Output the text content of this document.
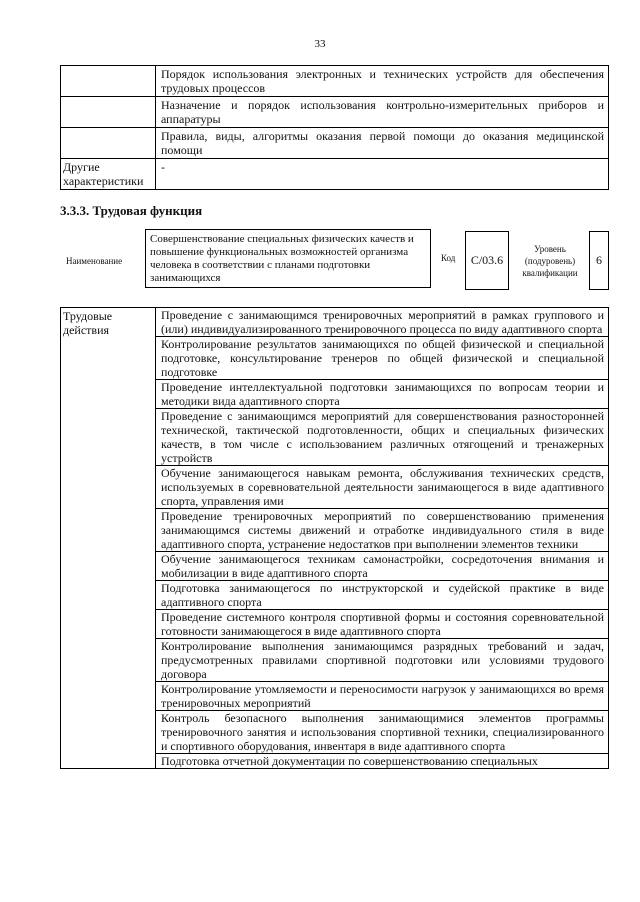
33
	Порядок использования электронных и технических устройств для обеспечения трудовых процессов
	Назначение и порядок использования контрольно-измерительных приборов и аппаратуры
	Правила, виды, алгоритмы оказания первой помощи до оказания медицинской помощи
Другие характеристики	-
3.3.3. Трудовая функция
Наименование
Совершенствование специальных физических качеств и повышение функциональных возможностей организма человека в соответствии с планами подготовки занимающихся
Код	С/03.6
Уровень (подуровень) квалификации
6
Трудовые действия	Проведение с занимающимся тренировочных мероприятий в рамках группового и (или) индивидуализированного тренировочного процесса по виду адаптивного спорта
Контролирование результатов занимающихся по общей физической и специальной подготовке, консультирование тренеров по общей физической и специальной подготовке
Проведение интеллектуальной подготовки занимающихся по вопросам теории и методики вида адаптивного спорта
Проведение с занимающимся мероприятий для совершенствования разносторонней технической, тактической подготовленности, общих и специальных физических качеств, в том числе с использованием различных отягощений и тренажерных устройств
Обучение занимающегося навыкам ремонта, обслуживания технических средств, используемых в соревновательной деятельности занимающегося в виде адаптивного спорта, управления ими
Проведение тренировочных мероприятий по совершенствованию применения занимающимся системы движений и отработке индивидуального стиля в виде адаптивного спорта, устранение недостатков при выполнении элементов техники
Обучение занимающегося техникам самонастройки, сосредоточения внимания и мобилизации в виде адаптивного спорта
Подготовка занимающегося по инструкторской и судейской практике в виде адаптивного спорта
Проведение системного контроля спортивной формы и состояния соревновательной готовности занимающегося в виде адаптивного спорта
Контролирование выполнения занимающимся разрядных требований и задач, предусмотренных правилами спортивной подготовки или условиями трудового договора
Контролирование утомляемости и переносимости нагрузок у занимающихся во время тренировочных мероприятий
Контроль безопасного выполнения занимающимися элементов программы тренировочного занятия и использования спортивной техники, специализированного и спортивного оборудования, инвентаря в виде адаптивного спорта
Подготовка отчетной документации по совершенствованию специальных
